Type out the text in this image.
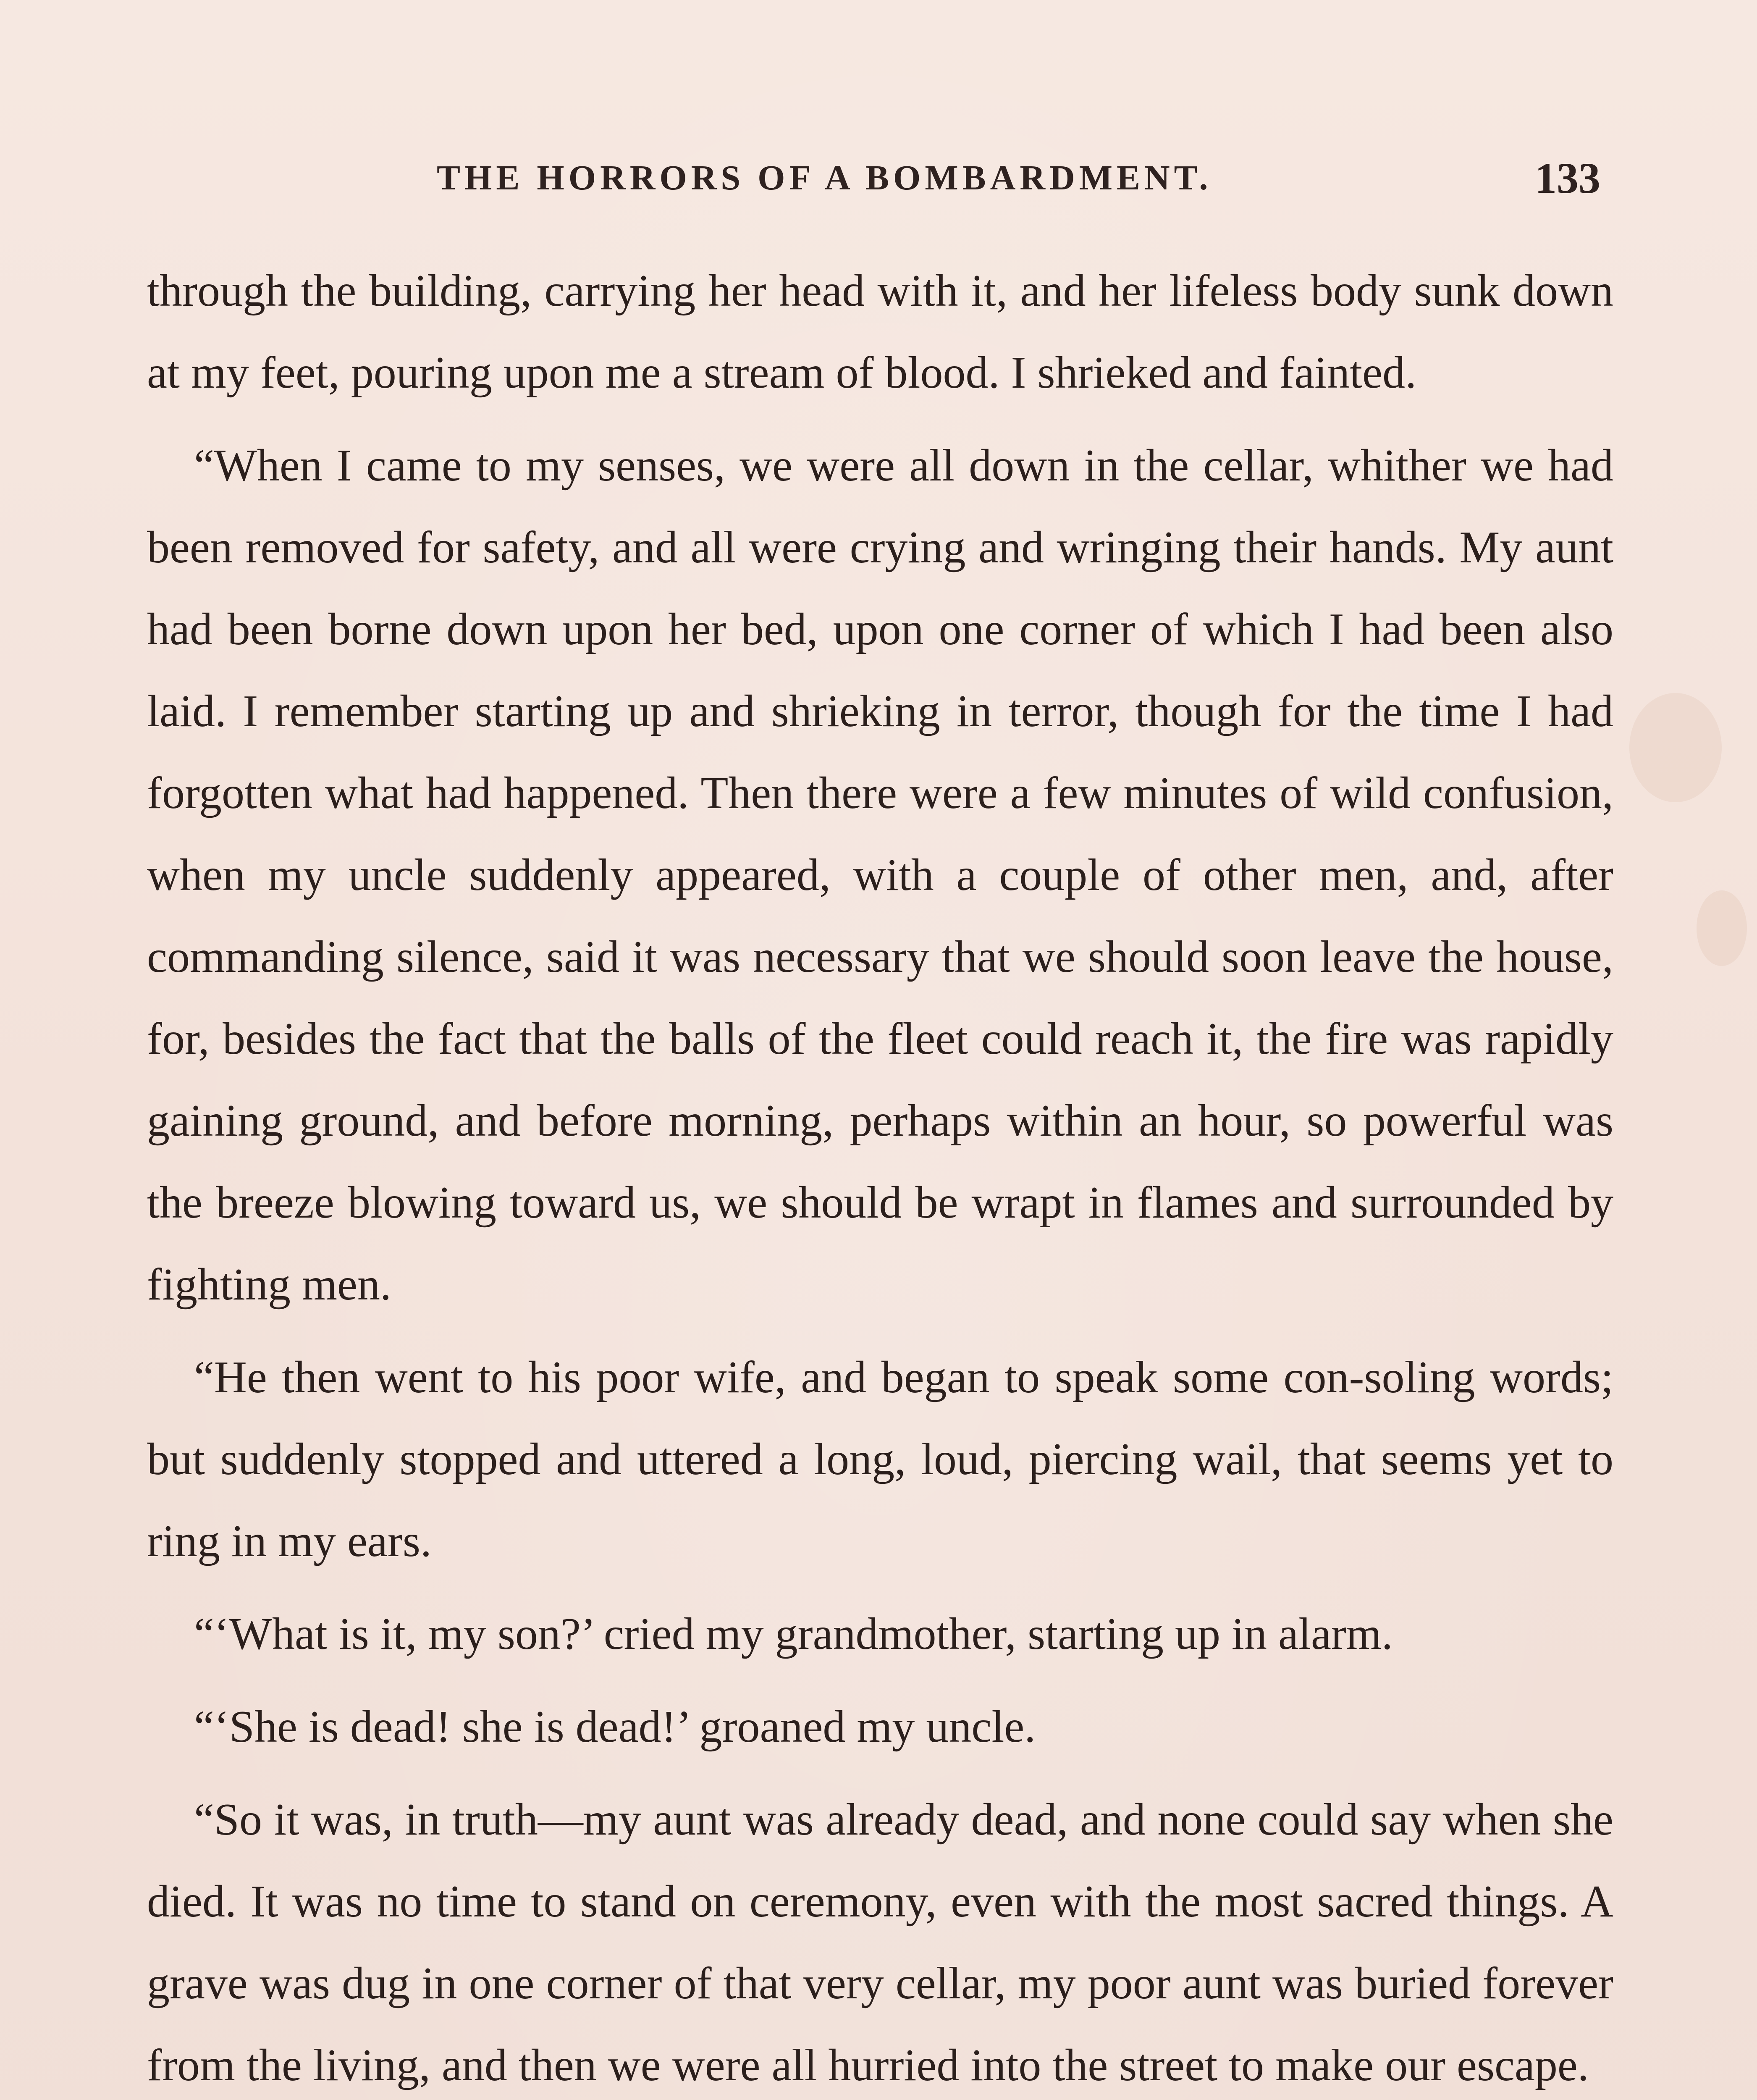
THE HORRORS OF A BOMBARDMENT.	133

through the building, carrying her head with it, and her lifeless body sunk down at my feet, pouring upon me a stream of blood. I shrieked and fainted.

“When I came to my senses, we were all down in the cellar, whither we had been removed for safety, and all were crying and wringing their hands. My aunt had been borne down upon her bed, upon one corner of which I had been also laid. I remember starting up and shrieking in terror, though for the time I had forgotten what had happened. Then there were a few minutes of wild confusion, when my uncle suddenly appeared, with a couple of other men, and, after commanding silence, said it was necessary that we should soon leave the house, for, besides the fact that the balls of the fleet could reach it, the fire was rapidly gaining ground, and before morning, perhaps within an hour, so powerful was the breeze blowing toward us, we should be wrapt in flames and surrounded by fighting men.

“He then went to his poor wife, and began to speak some con-soling words; but suddenly stopped and uttered a long, loud, piercing wail, that seems yet to ring in my ears.

“‘What is it, my son?’ cried my grandmother, starting up in alarm.

“‘She is dead! she is dead!’ groaned my uncle.

“So it was, in truth—my aunt was already dead, and none could say when she died. It was no time to stand on ceremony, even with the most sacred things. A grave was dug in one corner of that very cellar, my poor aunt was buried forever from the living, and then we were all hurried into the street to make our escape.
